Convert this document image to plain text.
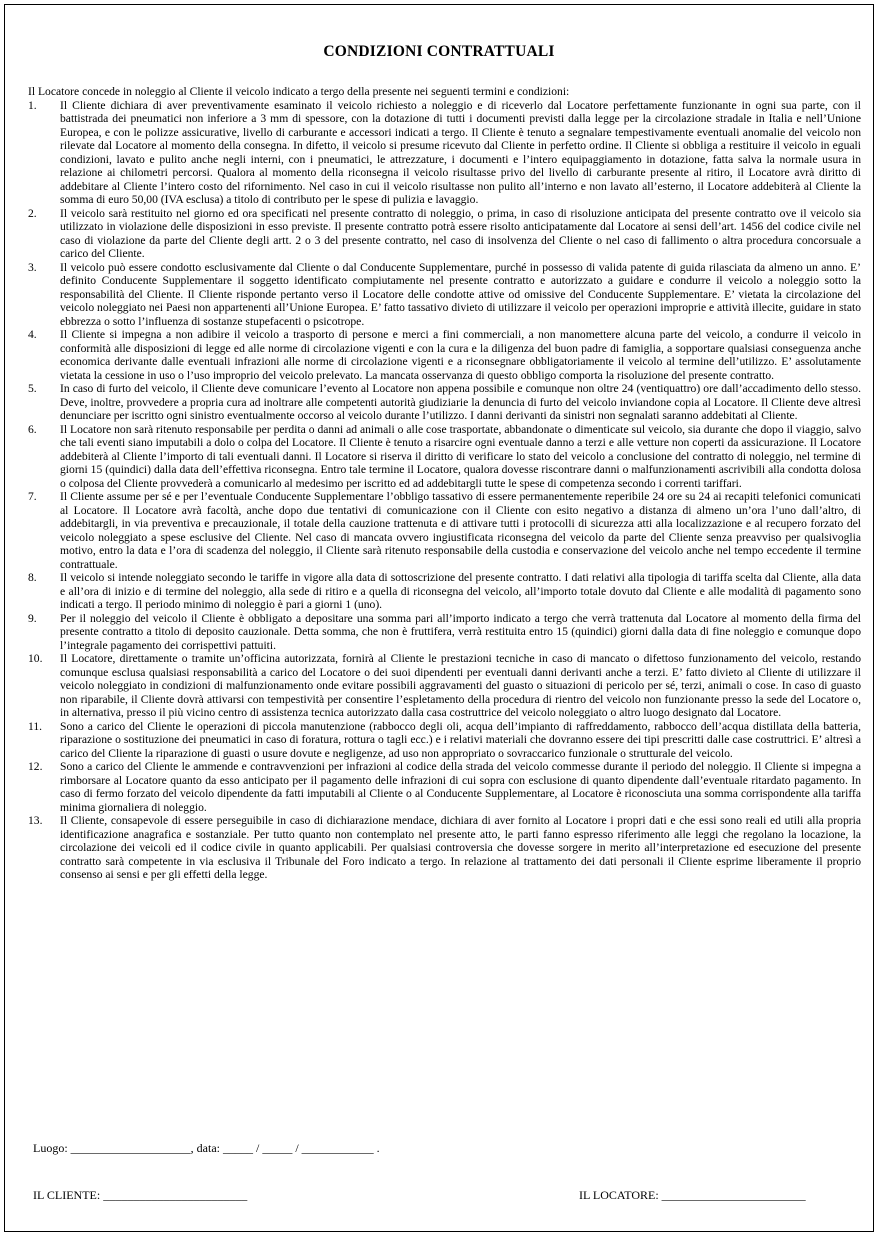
CONDIZIONI CONTRATTUALI

Il Locatore concede in noleggio al Cliente il veicolo indicato a tergo della presente nei seguenti termini e condizioni:

1. Il Cliente dichiara di aver preventivamente esaminato il veicolo richiesto a noleggio e di riceverlo dal Locatore perfettamente funzionante in ogni sua parte, con il battistrada dei pneumatici non inferiore a 3 mm di spessore, con la dotazione di tutti i documenti previsti dalla legge per la circolazione stradale in Italia e nell’Unione Europea, e con le polizze assicurative, livello di carburante e accessori indicati a tergo. Il Cliente è tenuto a segnalare tempestivamente eventuali anomalie del veicolo non rilevate dal Locatore al momento della consegna. In difetto, il veicolo si presume ricevuto dal Cliente in perfetto ordine. Il Cliente si obbliga a restituire il veicolo in eguali condizioni, lavato e pulito anche negli interni, con i pneumatici, le attrezzature, i documenti e l’intero equipaggiamento in dotazione, fatta salva la normale usura in relazione ai chilometri percorsi. Qualora al momento della riconsegna il veicolo risultasse privo del livello di carburante presente al ritiro, il Locatore avrà diritto di addebitare al Cliente l’intero costo del rifornimento. Nel caso in cui il veicolo risultasse non pulito all’interno e non lavato all’esterno, il Locatore addebiterà al Cliente la somma di euro 50,00 (IVA esclusa) a titolo di contributo per le spese di pulizia e lavaggio.
2. Il veicolo sarà restituito nel giorno ed ora specificati nel presente contratto di noleggio, o prima, in caso di risoluzione anticipata del presente contratto ove il veicolo sia utilizzato in violazione delle disposizioni in esso previste. Il presente contratto potrà essere risolto anticipatamente dal Locatore ai sensi dell’art. 1456 del codice civile nel caso di violazione da parte del Cliente degli artt. 2 o 3 del presente contratto, nel caso di insolvenza del Cliente o nel caso di fallimento o altra procedura concorsuale a carico del Cliente.
3. Il veicolo può essere condotto esclusivamente dal Cliente o dal Conducente Supplementare, purché in possesso di valida patente di guida rilasciata da almeno un anno. E’ definito Conducente Supplementare il soggetto identificato compiutamente nel presente contratto e autorizzato a guidare e condurre il veicolo a noleggio sotto la responsabilità del Cliente. Il Cliente risponde pertanto verso il Locatore delle condotte attive od omissive del Conducente Supplementare. E’ vietata la circolazione del veicolo noleggiato nei Paesi non appartenenti all’Unione Europea. E’ fatto tassativo divieto di utilizzare il veicolo per operazioni improprie e attività illecite, guidare in stato ebbrezza o sotto l’influenza di sostanze stupefacenti o psicotrope.
4. Il Cliente si impegna a non adibire il veicolo a trasporto di persone e merci a fini commerciali, a non manomettere alcuna parte del veicolo, a condurre il veicolo in conformità alle disposizioni di legge ed alle norme di circolazione vigenti e con la cura e la diligenza del buon padre di famiglia, a sopportare qualsiasi conseguenza anche economica derivante dalle eventuali infrazioni alle norme di circolazione vigenti e a riconsegnare obbligatoriamente il veicolo al termine dell’utilizzo. E’ assolutamente vietata la cessione in uso o l’uso improprio del veicolo prelevato. La mancata osservanza di questo obbligo comporta la risoluzione del presente contratto.
5. In caso di furto del veicolo, il Cliente deve comunicare l’evento al Locatore non appena possibile e comunque non oltre 24 (ventiquattro) ore dall’accadimento dello stesso. Deve, inoltre, provvedere a propria cura ad inoltrare alle competenti autorità giudiziarie la denuncia di furto del veicolo inviandone copia al Locatore. Il Cliente deve altresì denunciare per iscritto ogni sinistro eventualmente occorso al veicolo durante l’utilizzo. I danni derivanti da sinistri non segnalati saranno addebitati al Cliente.
6. Il Locatore non sarà ritenuto responsabile per perdita o danni ad animali o alle cose trasportate, abbandonate o dimenticate sul veicolo, sia durante che dopo il viaggio, salvo che tali eventi siano imputabili a dolo o colpa del Locatore. Il Cliente è tenuto a risarcire ogni eventuale danno a terzi e alle vetture non coperti da assicurazione. Il Locatore addebiterà al Cliente l’importo di tali eventuali danni. Il Locatore si riserva il diritto di verificare lo stato del veicolo a conclusione del contratto di noleggio, nel termine di giorni 15 (quindici) dalla data dell’effettiva riconsegna. Entro tale termine il Locatore, qualora dovesse riscontrare danni o malfunzionamenti ascrivibili alla condotta dolosa o colposa del Cliente provvederà a comunicarlo al medesimo per iscritto ed ad addebitargli tutte le spese di competenza secondo i correnti tariffari.
7. Il Cliente assume per sé e per l’eventuale Conducente Supplementare l’obbligo tassativo di essere permanentemente reperibile 24 ore su 24 ai recapiti telefonici comunicati al Locatore. Il Locatore avrà facoltà, anche dopo due tentativi di comunicazione con il Cliente con esito negativo a distanza di almeno un’ora l’uno dall’altro, di addebitargli, in via preventiva e precauzionale, il totale della cauzione trattenuta e di attivare tutti i protocolli di sicurezza atti alla localizzazione e al recupero forzato del veicolo noleggiato a spese esclusive del Cliente. Nel caso di mancata ovvero ingiustificata riconsegna del veicolo da parte del Cliente senza preavviso per qualsivoglia motivo, entro la data e l’ora di scadenza del noleggio, il Cliente sarà ritenuto responsabile della custodia e conservazione del veicolo anche nel tempo eccedente il termine contrattuale.
8. Il veicolo si intende noleggiato secondo le tariffe in vigore alla data di sottoscrizione del presente contratto. I dati relativi alla tipologia di tariffa scelta dal Cliente, alla data e all’ora di inizio e di termine del noleggio, alla sede di ritiro e a quella di riconsegna del veicolo, all’importo totale dovuto dal Cliente e alle modalità di pagamento sono indicati a tergo. Il periodo minimo di noleggio è pari a giorni 1 (uno).
9. Per il noleggio del veicolo il Cliente è obbligato a depositare una somma pari all’importo indicato a tergo che verrà trattenuta dal Locatore al momento della firma del presente contratto a titolo di deposito cauzionale. Detta somma, che non è fruttifera, verrà restituita entro 15 (quindici) giorni dalla data di fine noleggio e comunque dopo l’integrale pagamento dei corrispettivi pattuiti.
10. Il Locatore, direttamente o tramite un’officina autorizzata, fornirà al Cliente le prestazioni tecniche in caso di mancato o difettoso funzionamento del veicolo, restando comunque esclusa qualsiasi responsabilità a carico del Locatore o dei suoi dipendenti per eventuali danni derivanti anche a terzi. E’ fatto divieto al Cliente di utilizzare il veicolo noleggiato in condizioni di malfunzionamento onde evitare possibili aggravamenti del guasto o situazioni di pericolo per sé, terzi, animali o cose. In caso di guasto non riparabile, il Cliente dovrà attivarsi con tempestività per consentire l’espletamento della procedura di rientro del veicolo non funzionante presso la sede del Locatore o, in alternativa, presso il più vicino centro di assistenza tecnica autorizzato dalla casa costruttrice del veicolo noleggiato o altro luogo designato dal Locatore.
11. Sono a carico del Cliente le operazioni di piccola manutenzione (rabbocco degli oli, acqua dell’impianto di raffreddamento, rabbocco dell’acqua distillata della batteria, riparazione o sostituzione dei pneumatici in caso di foratura, rottura o tagli ecc.) e i relativi materiali che dovranno essere dei tipi prescritti dalle case costruttrici. E’ altresì a carico del Cliente la riparazione di guasti o usure dovute e negligenze, ad uso non appropriato o sovraccarico funzionale o strutturale del veicolo.
12. Sono a carico del Cliente le ammende e contravvenzioni per infrazioni al codice della strada del veicolo commesse durante il periodo del noleggio. Il Cliente si impegna a rimborsare al Locatore quanto da esso anticipato per il pagamento delle infrazioni di cui sopra con esclusione di quanto dipendente dall’eventuale ritardato pagamento. In caso di fermo forzato del veicolo dipendente da fatti imputabili al Cliente o al Conducente Supplementare, al Locatore è riconosciuta una somma corrispondente alla tariffa minima giornaliera di noleggio.
13. Il Cliente, consapevole di essere perseguibile in caso di dichiarazione mendace, dichiara di aver fornito al Locatore i propri dati e che essi sono reali ed utili alla propria identificazione anagrafica e sostanziale. Per tutto quanto non contemplato nel presente atto, le parti fanno espresso riferimento alle leggi che regolano la locazione, la circolazione dei veicoli ed il codice civile in quanto applicabili. Per qualsiasi controversia che dovesse sorgere in merito all’interpretazione ed esecuzione del presente contratto sarà competente in via esclusiva il Tribunale del Foro indicato a tergo. In relazione al trattamento dei dati personali il Cliente esprime liberamente il proprio consenso ai sensi e per gli effetti della legge.
Luogo: ____________________, data: _____ / _____ / ____________ .
IL CLIENTE: ________________________	IL LOCATORE: ________________________
